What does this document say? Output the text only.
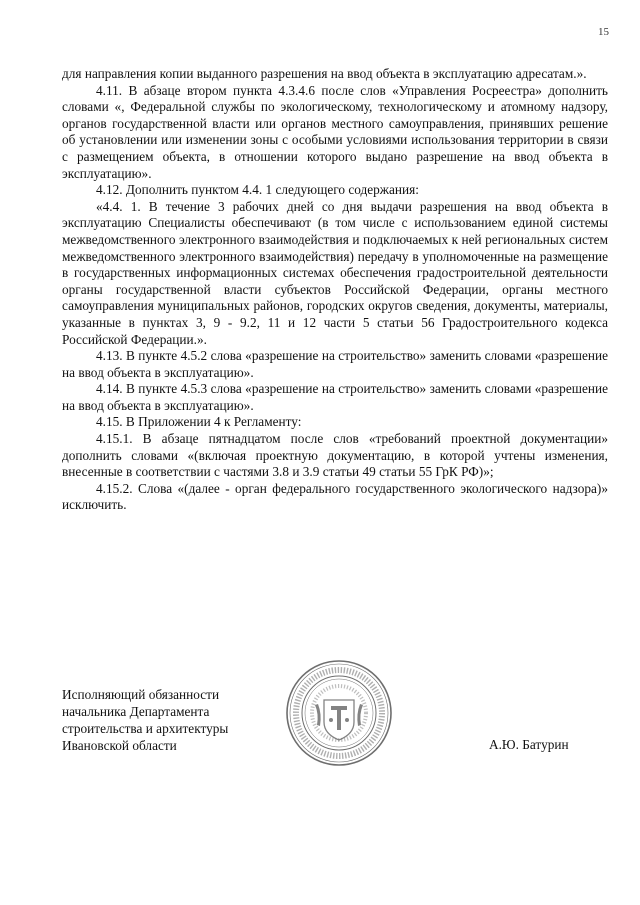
15

для направления копии выданного разрешения на ввод объекта в эксплуатацию адресатам.».

4.11. В абзаце втором пункта 4.3.4.6 после слов «Управления Росреестра» дополнить словами «, Федеральной службы по экологическому, технологическому и атомному надзору, органов государственной власти или органов местного самоуправления, принявших решение об установлении или изменении зоны с особыми условиями использования территории в связи с размещением объекта, в отношении которого выдано разрешение на ввод объекта в эксплуатацию».

4.12. Дополнить пунктом 4.4. 1 следующего содержания:

«4.4. 1. В течение 3 рабочих дней со дня выдачи разрешения на ввод объекта в эксплуатацию Специалисты обеспечивают (в том числе с использованием единой системы межведомственного электронного взаимодействия и подключаемых к ней региональных систем межведомственного электронного взаимодействия) передачу в уполномоченные на размещение в государственных информационных системах обеспечения градостроительной деятельности органы государственной власти субъектов Российской Федерации, органы местного самоуправления муниципальных районов, городских округов сведения, документы, материалы, указанные в пунктах 3, 9 - 9.2, 11 и 12 части 5 статьи 56 Градостроительного кодекса Российской Федерации.».

4.13. В пункте 4.5.2 слова «разрешение на строительство» заменить словами «разрешение на ввод объекта в эксплуатацию».

4.14. В пункте 4.5.3 слова «разрешение на строительство» заменить словами «разрешение на ввод объекта в эксплуатацию».

4.15. В Приложении 4 к Регламенту:

4.15.1. В абзаце пятнадцатом после слов «требований проектной документации» дополнить словами «(включая проектную документацию, в которой учтены изменения, внесенные в соответствии с частями 3.8 и 3.9 статьи 49 статьи 55 ГрК РФ)»;

4.15.2. Слова «(далее - орган федерального государственного экологического надзора)» исключить.

Исполняющий обязанности
начальника Департамента
строительства и архитектуры
Ивановской области	А.Ю. Батурин
